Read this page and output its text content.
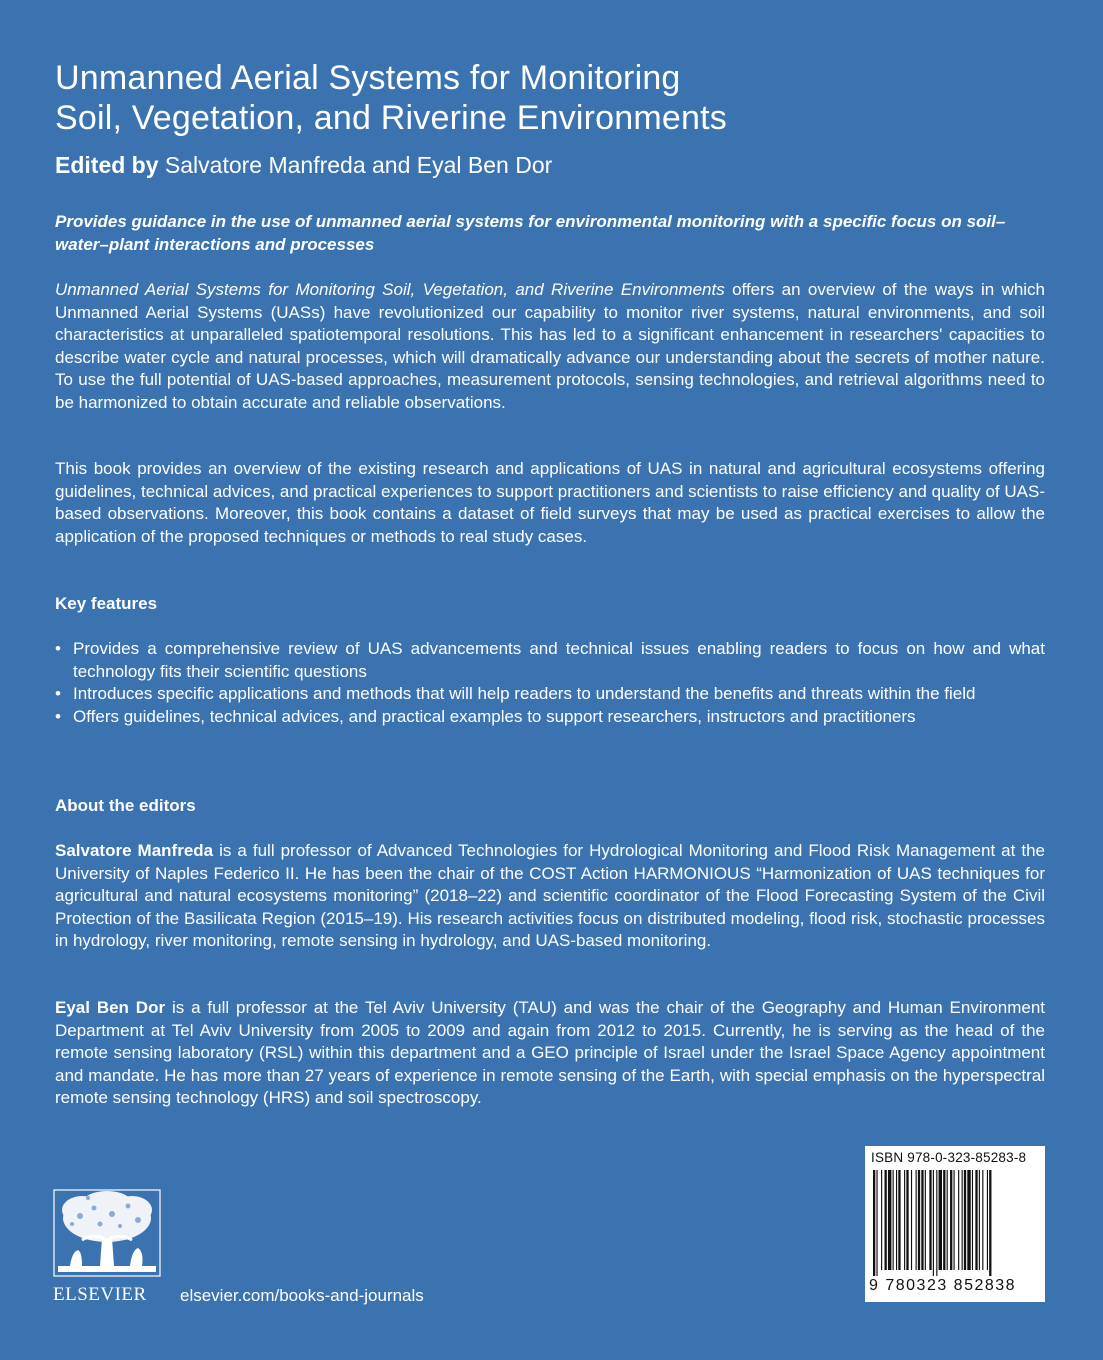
Unmanned Aerial Systems for Monitoring
Soil, Vegetation, and Riverine Environments

Edited by Salvatore Manfreda and Eyal Ben Dor

Provides guidance in the use of unmanned aerial systems for environmental monitoring with a specific focus on soil–water–plant interactions and processes

Unmanned Aerial Systems for Monitoring Soil, Vegetation, and Riverine Environments offers an overview of the ways in which Unmanned Aerial Systems (UASs) have revolutionized our capability to monitor river systems, natural environments, and soil characteristics at unparalleled spatiotemporal resolutions. This has led to a significant enhancement in researchers' capacities to describe water cycle and natural processes, which will dramatically advance our understanding about the secrets of mother nature. To use the full potential of UAS-based approaches, measurement protocols, sensing technologies, and retrieval algorithms need to be harmonized to obtain accurate and reliable observations.

This book provides an overview of the existing research and applications of UAS in natural and agricultural ecosystems offering guidelines, technical advices, and practical experiences to support practitioners and scientists to raise efficiency and quality of UAS-based observations. Moreover, this book contains a dataset of field surveys that may be used as practical exercises to allow the application of the proposed techniques or methods to real study cases.

Key features
• Provides a comprehensive review of UAS advancements and technical issues enabling readers to focus on how and what technology fits their scientific questions
• Introduces specific applications and methods that will help readers to understand the benefits and threats within the field
• Offers guidelines, technical advices, and practical examples to support researchers, instructors and practitioners
About the editors

Salvatore Manfreda is a full professor of Advanced Technologies for Hydrological Monitoring and Flood Risk Management at the University of Naples Federico II. He has been the chair of the COST Action HARMONIOUS “Harmonization of UAS techniques for agricultural and natural ecosystems monitoring” (2018–22) and scientific coordinator of the Flood Forecasting System of the Civil Protection of the Basilicata Region (2015–19). His research activities focus on distributed modeling, flood risk, stochastic processes in hydrology, river monitoring, remote sensing in hydrology, and UAS-based monitoring.

Eyal Ben Dor is a full professor at the Tel Aviv University (TAU) and was the chair of the Geography and Human Environment Department at Tel Aviv University from 2005 to 2009 and again from 2012 to 2015. Currently, he is serving as the head of the remote sensing laboratory (RSL) within this department and a GEO principle of Israel under the Israel Space Agency appointment and mandate. He has more than 27 years of experience in remote sensing of the Earth, with special emphasis on the hyperspectral remote sensing technology (HRS) and soil spectroscopy.

ELSEVIER elsevier.com/books-and-journals
ISBN 978-0-323-85283-8
9 780323 852838
